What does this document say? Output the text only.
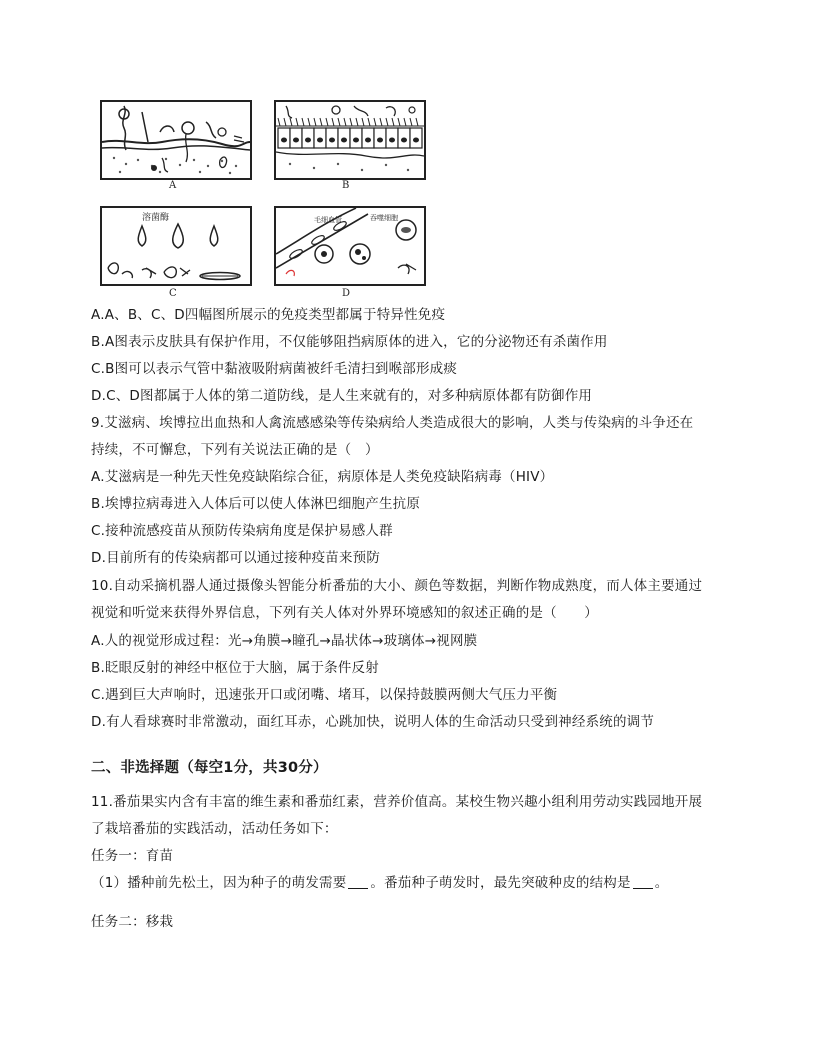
A	B
溶菌酶
C
毛细血管	吞噬细胞
D
A.A、B、C、D四幅图所展示的免疫类型都属于特异性免疫
B.A图表示皮肤具有保护作用，不仅能够阻挡病原体的进入，它的分泌物还有杀菌作用
C.B图可以表示气管中黏液吸附病菌被纤毛清扫到喉部形成痰
D.C、D图都属于人体的第二道防线，是人生来就有的，对多种病原体都有防御作用
9.艾滋病、埃博拉出血热和人禽流感感染等传染病给人类造成很大的影响，人类与传染病的斗争还在
持续，不可懈怠，下列有关说法正确的是（　）
A.艾滋病是一种先天性免疫缺陷综合征，病原体是人类免疫缺陷病毒（HIV）
B.埃博拉病毒进入人体后可以使人体淋巴细胞产生抗原
C.接种流感疫苗从预防传染病角度是保护易感人群
D.目前所有的传染病都可以通过接种疫苗来预防
10.自动采摘机器人通过摄像头智能分析番茄的大小、颜色等数据，判断作物成熟度，而人体主要通过
视觉和听觉来获得外界信息，下列有关人体对外界环境感知的叙述正确的是（　　）
A.人的视觉形成过程：光→角膜→瞳孔→晶状体→玻璃体→视网膜
B.眨眼反射的神经中枢位于大脑，属于条件反射
C.遇到巨大声响时，迅速张开口或闭嘴、堵耳，以保持鼓膜两侧大气压力平衡
D.有人看球赛时非常激动，面红耳赤，心跳加快，说明人体的生命活动只受到神经系统的调节
二、非选择题（每空1分，共30分）
11.番茄果实内含有丰富的维生素和番茄红素，营养价值高。某校生物兴趣小组利用劳动实践园地开展
了栽培番茄的实践活动，活动任务如下：
任务一：育苗
（1）播种前先松土，因为种子的萌发需要 。番茄种子萌发时，最先突破种皮的结构是 。
任务二：移栽
